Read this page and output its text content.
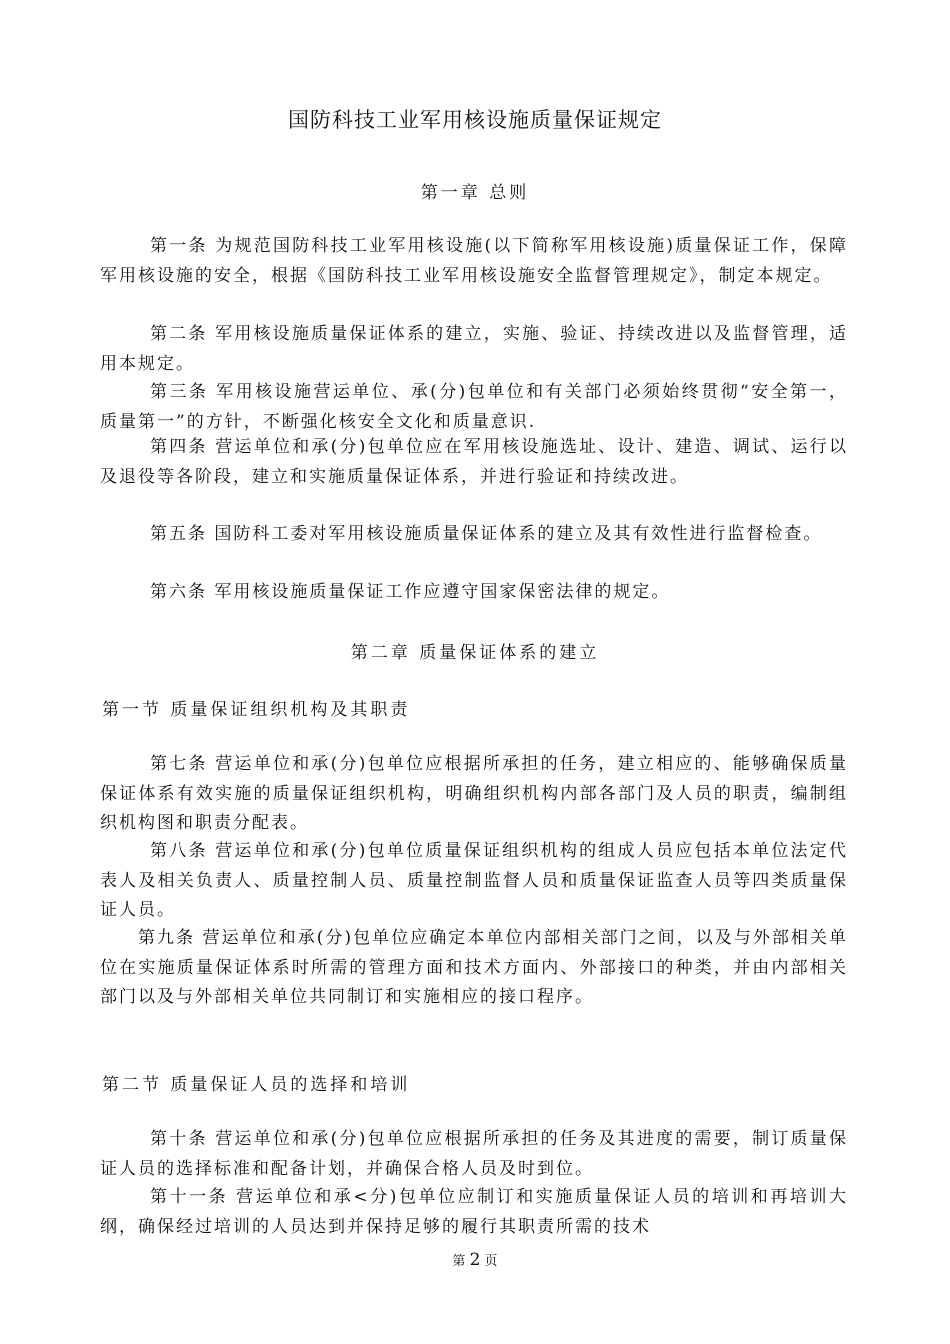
国防科技工业军用核设施质量保证规定
第一章 总则
第一条 为规范国防科技工业军用核设施(以下简称军用核设施)质量保证工作，保障军用核设施的安全，根据《国防科技工业军用核设施安全监督管理规定》，制定本规定。
第二条 军用核设施质量保证体系的建立，实施、验证、持续改进以及监督管理，适用本规定。
第三条 军用核设施营运单位、承(分)包单位和有关部门必须始终贯彻“安全第一，质量第一”的方针，不断强化核安全文化和质量意识.
第四条 营运单位和承(分)包单位应在军用核设施选址、设计、建造、调试、运行以及退役等各阶段，建立和实施质量保证体系，并进行验证和持续改进。
第五条 国防科工委对军用核设施质量保证体系的建立及其有效性进行监督检查。
第六条 军用核设施质量保证工作应遵守国家保密法律的规定。
第二章 质量保证体系的建立
第一节 质量保证组织机构及其职责
第七条 营运单位和承(分)包单位应根据所承担的任务，建立相应的、能够确保质量保证体系有效实施的质量保证组织机构，明确组织机构内部各部门及人员的职责，编制组织机构图和职责分配表。
第八条 营运单位和承(分)包单位质量保证组织机构的组成人员应包括本单位法定代表人及相关负责人、质量控制人员、质量控制监督人员和质量保证监查人员等四类质量保证人员。
第九条 营运单位和承(分)包单位应确定本单位内部相关部门之间，以及与外部相关单位在实施质量保证体系时所需的管理方面和技术方面内、外部接口的种类，并由内部相关部门以及与外部相关单位共同制订和实施相应的接口程序。
第二节 质量保证人员的选择和培训
第十条 营运单位和承(分)包单位应根据所承担的任务及其进度的需要，制订质量保证人员的选择标准和配备计划，并确保合格人员及时到位。
第十一条 营运单位和承<分)包单位应制订和实施质量保证人员的培训和再培训大纲，确保经过培训的人员达到并保持足够的履行其职责所需的技术
第 2 页
